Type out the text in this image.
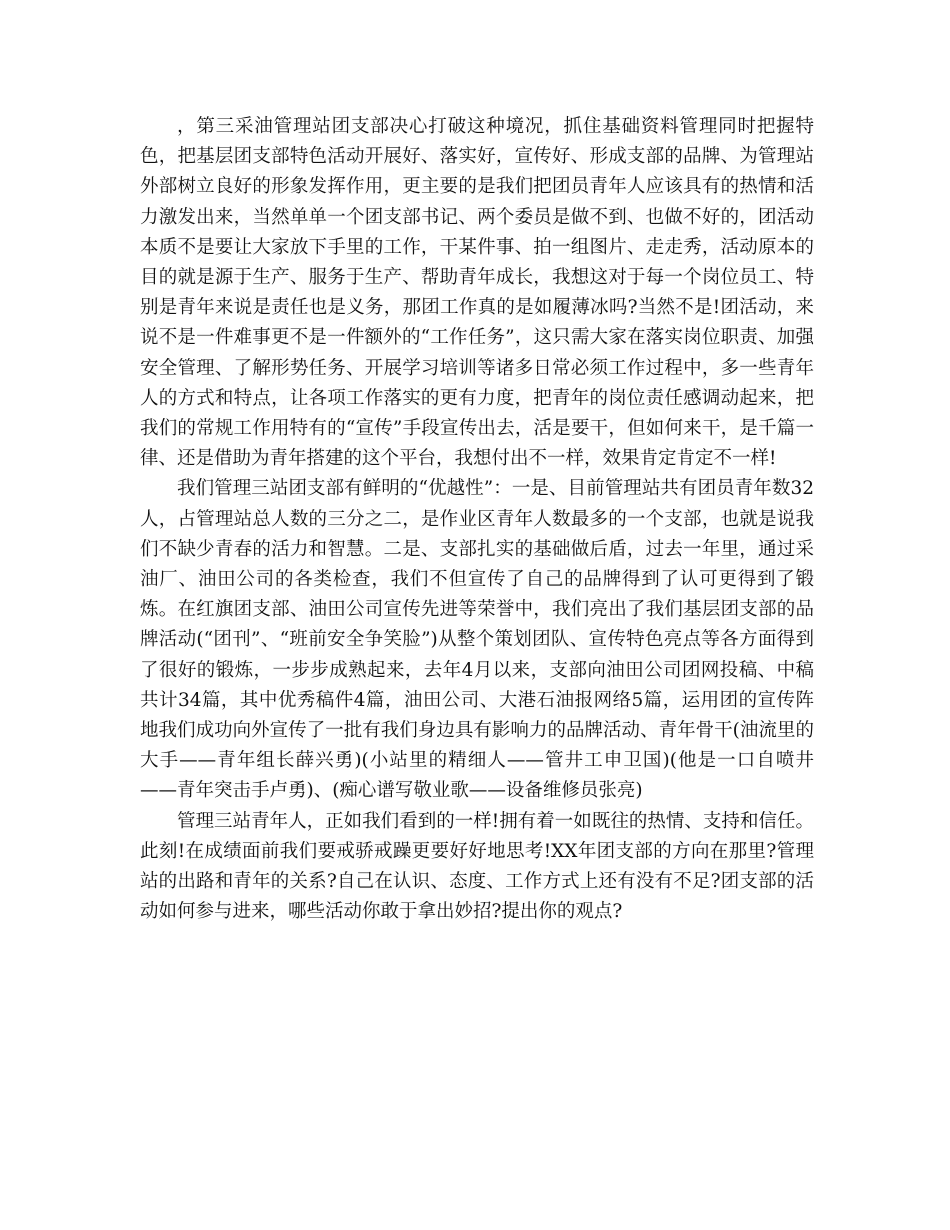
，第三采油管理站团支部决心打破这种境况，抓住基础资料管理同时把握特色，把基层团支部特色活动开展好、落实好，宣传好、形成支部的品牌、为管理站外部树立良好的形象发挥作用，更主要的是我们把团员青年人应该具有的热情和活力激发出来，当然单单一个团支部书记、两个委员是做不到、也做不好的，团活动本质不是要让大家放下手里的工作，干某件事、拍一组图片、走走秀，活动原本的目的就是源于生产、服务于生产、帮助青年成长，我想这对于每一个岗位员工、特别是青年来说是责任也是义务，那团工作真的是如履薄冰吗?当然不是!团活动，来说不是一件难事更不是一件额外的“工作任务”，这只需大家在落实岗位职责、加强安全管理、了解形势任务、开展学习培训等诸多日常必须工作过程中，多一些青年人的方式和特点，让各项工作落实的更有力度，把青年的岗位责任感调动起来，把我们的常规工作用特有的“宣传”手段宣传出去，活是要干，但如何来干，是千篇一律、还是借助为青年搭建的这个平台，我想付出不一样，效果肯定肯定不一样!

我们管理三站团支部有鲜明的“优越性”：一是、目前管理站共有团员青年数32人，占管理站总人数的三分之二，是作业区青年人数最多的一个支部，也就是说我们不缺少青春的活力和智慧。二是、支部扎实的基础做后盾，过去一年里，通过采油厂、油田公司的各类检查，我们不但宣传了自己的品牌得到了认可更得到了锻炼。在红旗团支部、油田公司宣传先进等荣誉中，我们亮出了我们基层团支部的品牌活动(“团刊”、“班前安全争笑脸”)从整个策划团队、宣传特色亮点等各方面得到了很好的锻炼，一步步成熟起来，去年4月以来，支部向油田公司团网投稿、中稿共计34篇，其中优秀稿件4篇，油田公司、大港石油报网络5篇，运用团的宣传阵地我们成功向外宣传了一批有我们身边具有影响力的品牌活动、青年骨干(油流里的大手——青年组长薛兴勇)(小站里的精细人——管井工申卫国)(他是一口自喷井——青年突击手卢勇)、(痴心谱写敬业歌——设备维修员张亮)

管理三站青年人，正如我们看到的一样!拥有着一如既往的热情、支持和信任。此刻!在成绩面前我们要戒骄戒躁更要好好地思考!XX年团支部的方向在那里?管理站的出路和青年的关系?自己在认识、态度、工作方式上还有没有不足?团支部的活动如何参与进来，哪些活动你敢于拿出妙招?提出你的观点?
